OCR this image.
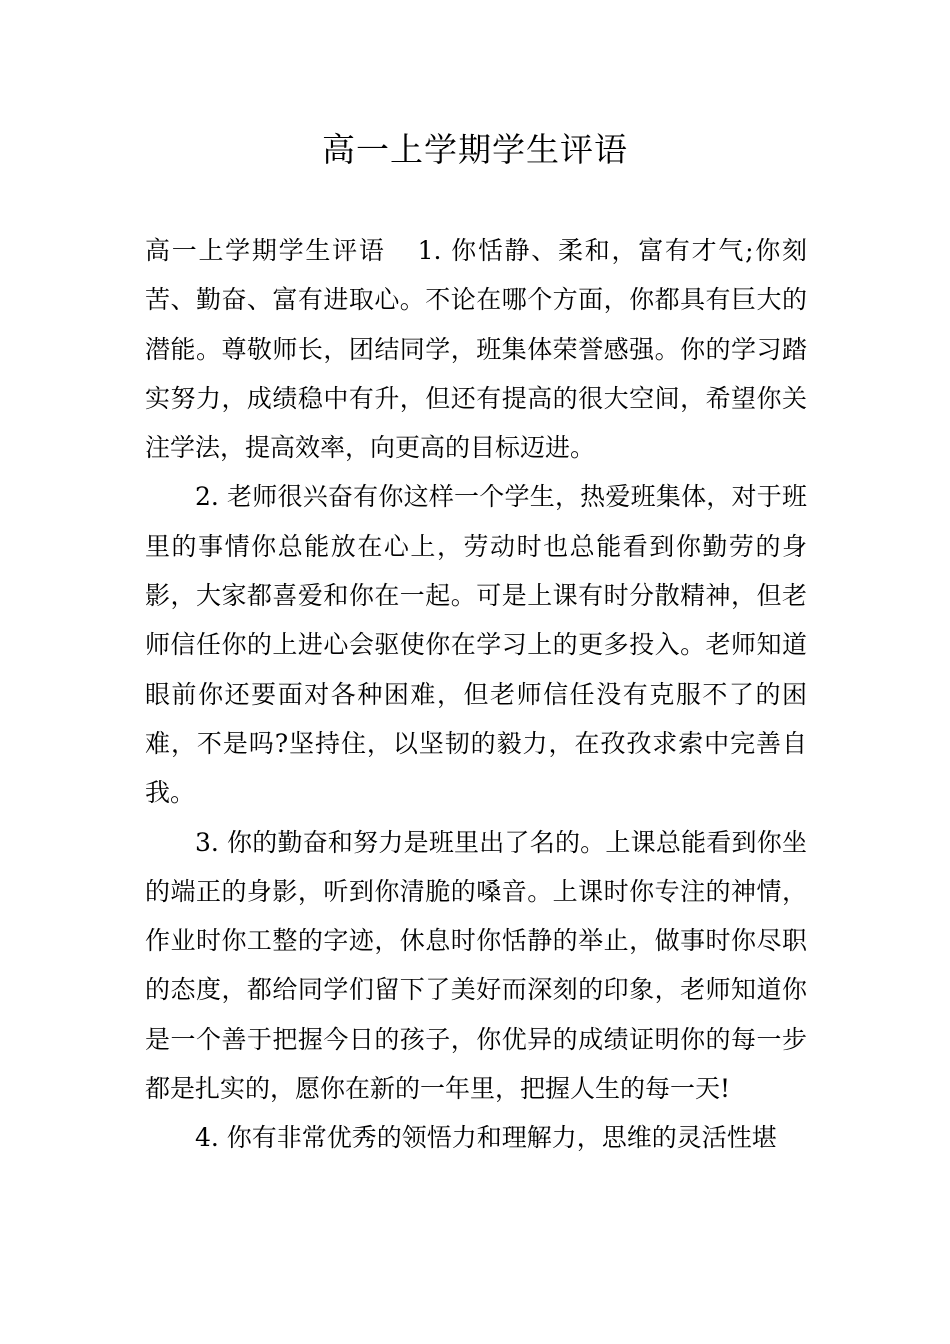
高一上学期学生评语

高一上学期学生评语 1. 你恬静、柔和，富有才气;你刻苦、勤奋、富有进取心。不论在哪个方面，你都具有巨大的潜能。尊敬师长，团结同学，班集体荣誉感强。你的学习踏实努力，成绩稳中有升，但还有提高的很大空间，希望你关注学法，提高效率，向更高的目标迈进。

2. 老师很兴奋有你这样一个学生，热爱班集体，对于班里的事情你总能放在心上，劳动时也总能看到你勤劳的身影，大家都喜爱和你在一起。可是上课有时分散精神，但老师信任你的上进心会驱使你在学习上的更多投入。老师知道眼前你还要面对各种困难，但老师信任没有克服不了的困难，不是吗?坚持住，以坚韧的毅力，在孜孜求索中完善自我。

3. 你的勤奋和努力是班里出了名的。上课总能看到你坐的端正的身影，听到你清脆的嗓音。上课时你专注的神情，作业时你工整的字迹，休息时你恬静的举止，做事时你尽职的态度，都给同学们留下了美好而深刻的印象，老师知道你是一个善于把握今日的孩子，你优异的成绩证明你的每一步都是扎实的，愿你在新的一年里，把握人生的每一天!

4. 你有非常优秀的领悟力和理解力，思维的灵活性堪
